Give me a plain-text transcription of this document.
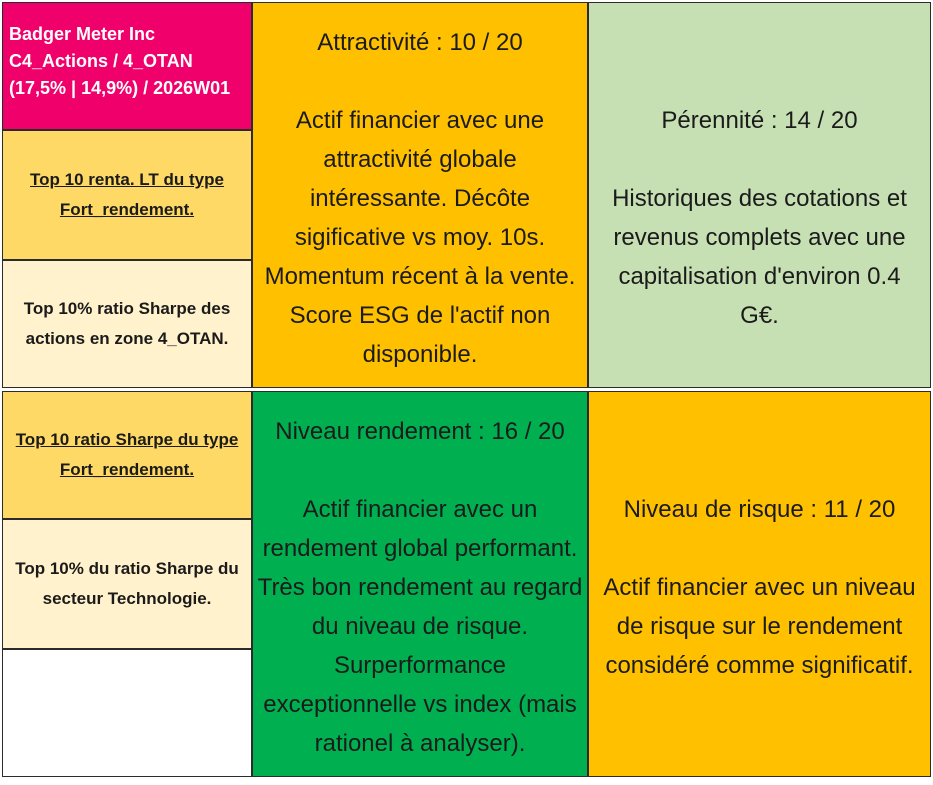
Badger Meter Inc
C4_Actions / 4_OTAN
(17,5% | 14,9%) / 2026W01
Top 10 renta. LT du type Fort_rendement.
Top 10% ratio Sharpe des actions en zone 4_OTAN.
Top 10 ratio Sharpe du type Fort_rendement.
Top 10% du ratio Sharpe du secteur Technologie.
Attractivité : 10 / 20
Actif financier avec une attractivité globale intéressante. Décôte sigificative vs moy. 10s. Momentum récent à la vente. Score ESG de l'actif non disponible.
Pérennité : 14 / 20
Historiques des cotations et revenus complets avec une capitalisation d'environ 0.4 G€.
Niveau rendement : 16 / 20
Actif financier avec un rendement global performant. Très bon rendement au regard du niveau de risque. Surperformance exceptionnelle vs index (mais rationel à analyser).
Niveau de risque : 11 / 20
Actif financier avec un niveau de risque sur le rendement considéré comme significatif.
